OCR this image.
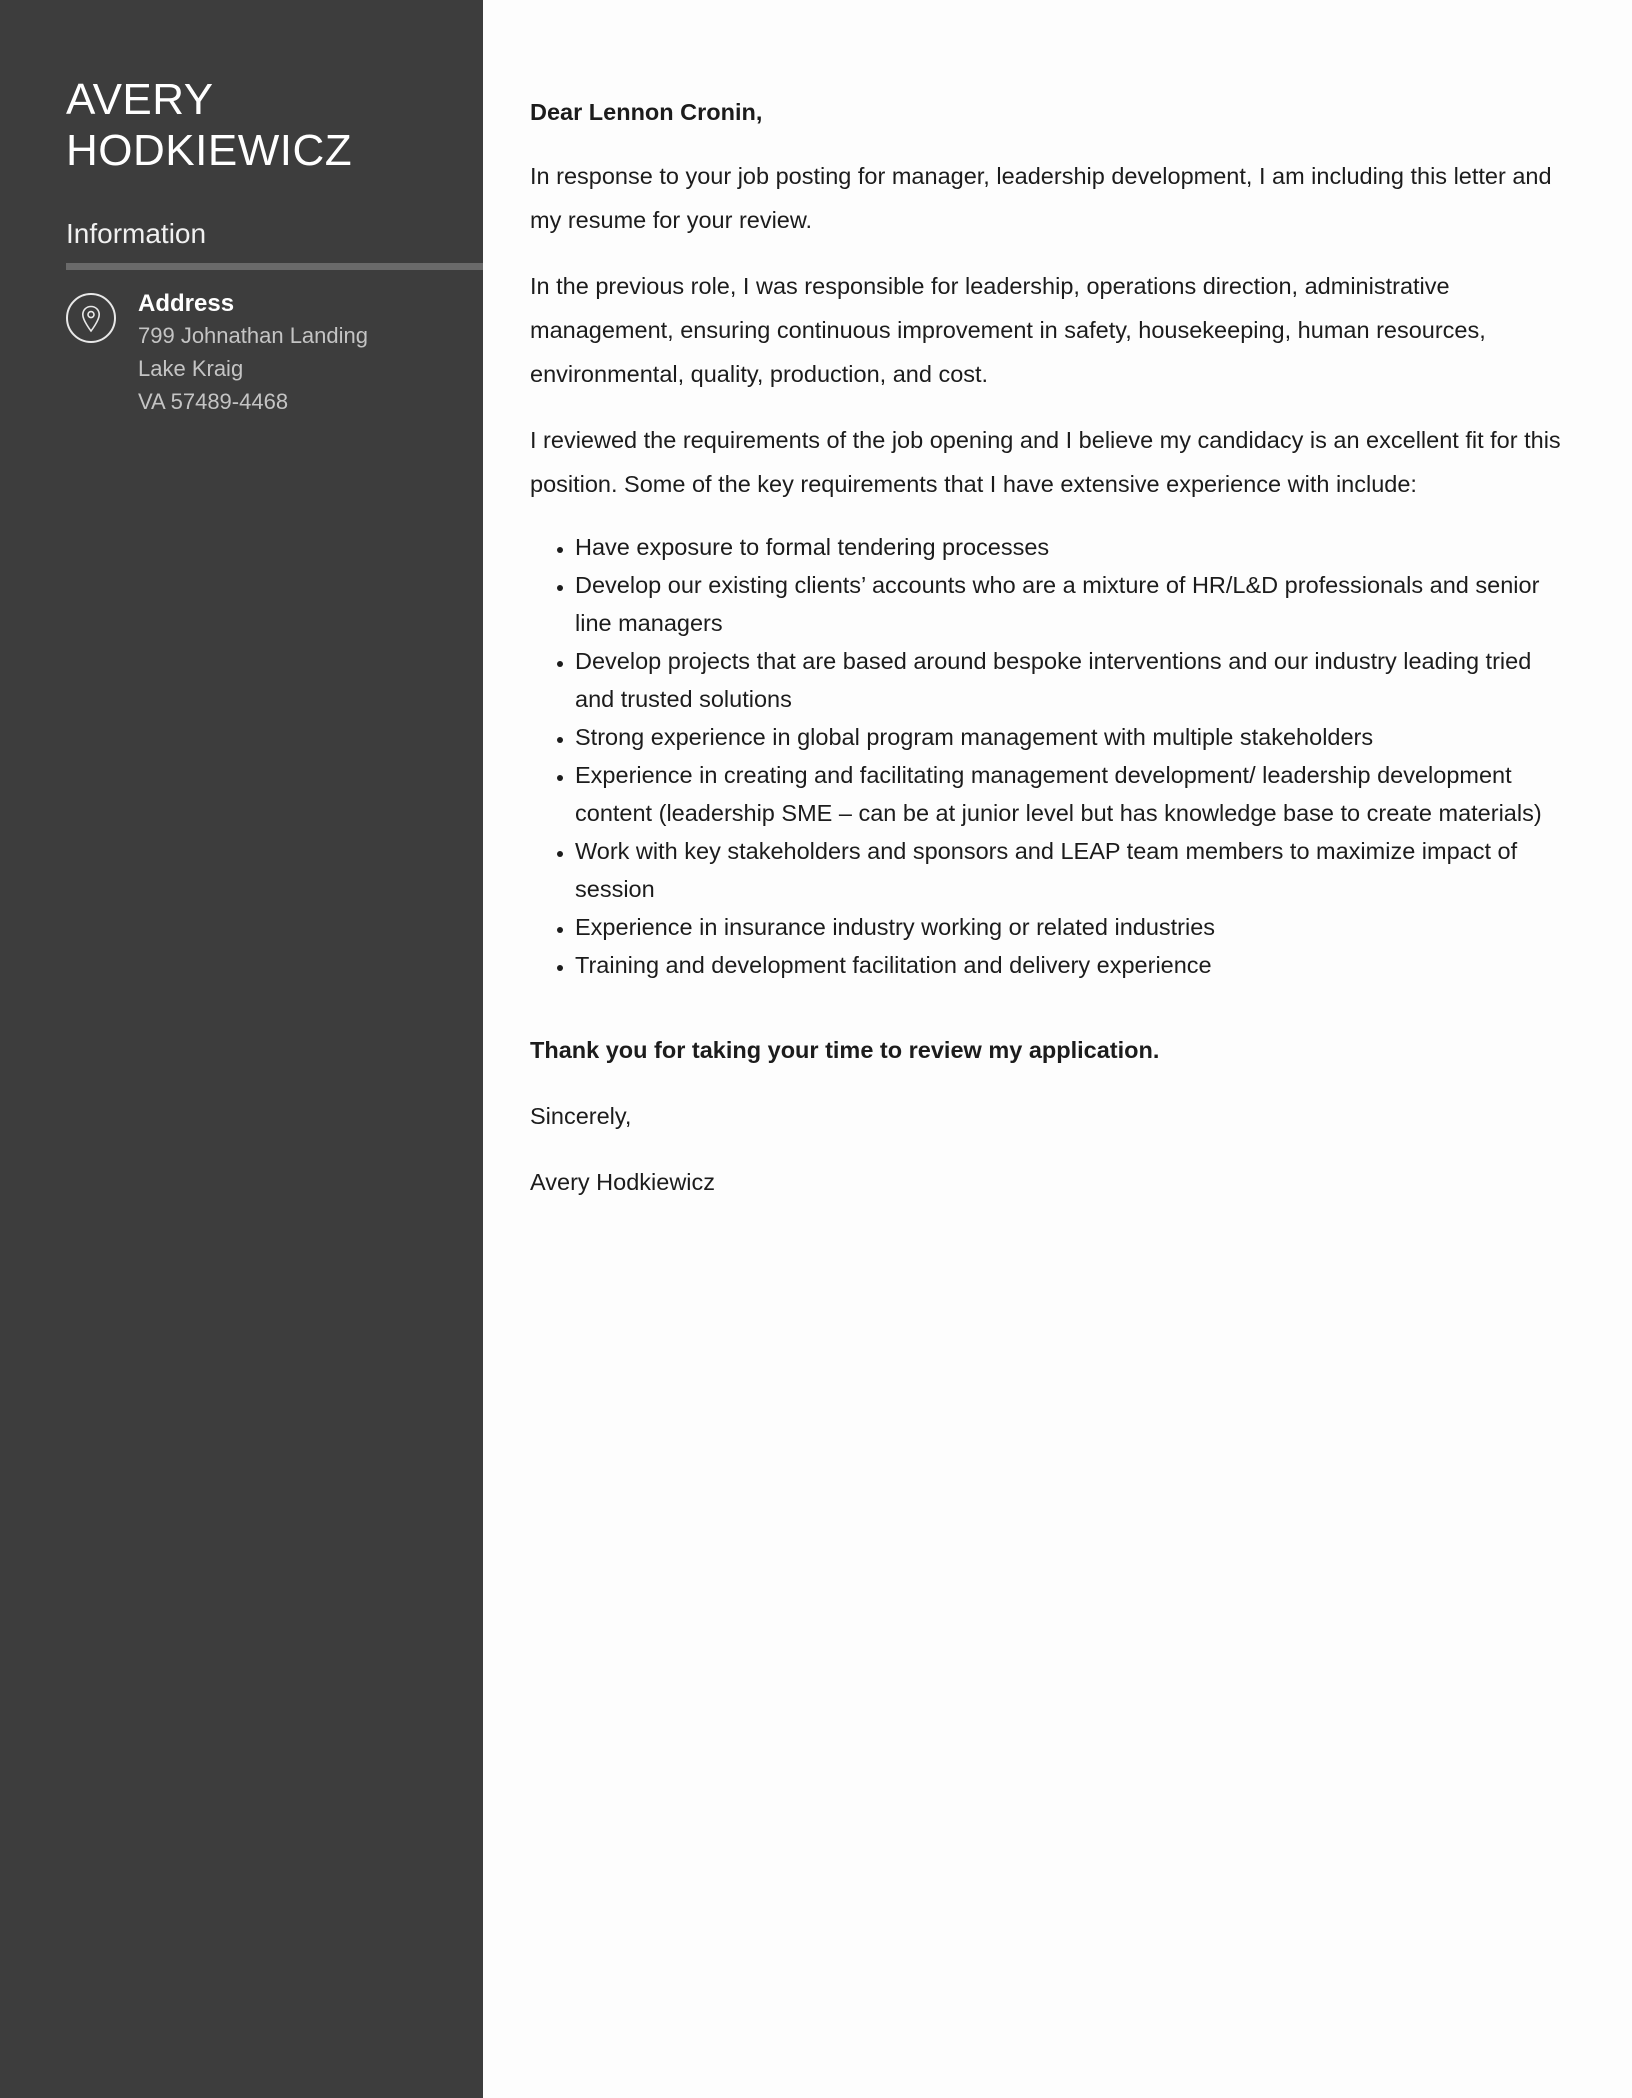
AVERY
HODKIEWICZ
Information
Address
799 Johnathan Landing
Lake Kraig
VA 57489-4468

Dear Lennon Cronin,

In response to your job posting for manager, leadership development, I am including this letter and my resume for your review.

In the previous role, I was responsible for leadership, operations direction, administrative management, ensuring continuous improvement in safety, housekeeping, human resources, environmental, quality, production, and cost.

I reviewed the requirements of the job opening and I believe my candidacy is an excellent fit for this position. Some of the key requirements that I have extensive experience with include:

• Have exposure to formal tendering processes
• Develop our existing clients’ accounts who are a mixture of HR/L&D professionals and senior line managers
• Develop projects that are based around bespoke interventions and our industry leading tried and trusted solutions
• Strong experience in global program management with multiple stakeholders
• Experience in creating and facilitating management development/ leadership development content (leadership SME – can be at junior level but has knowledge base to create materials)
• Work with key stakeholders and sponsors and LEAP team members to maximize impact of session
• Experience in insurance industry working or related industries
• Training and development facilitation and delivery experience

Thank you for taking your time to review my application.

Sincerely,

Avery Hodkiewicz
